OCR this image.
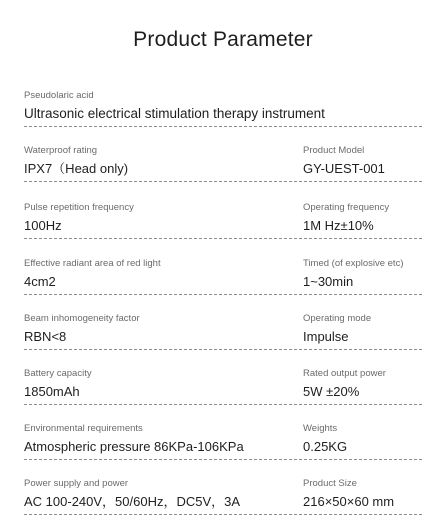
Product Parameter
Pseudolaric acid
Ultrasonic electrical stimulation therapy instrument
Waterproof rating
IPX7（Head only)
Product Model
GY-UEST-001
Pulse repetition frequency
100Hz
Operating frequency
1M Hz±10%
Effective radiant area of red light
4cm2
Timed (of explosive etc)
1~30min
Beam inhomogeneity factor
RBN<8
Operating mode
Impulse
Battery capacity
1850mAh
Rated output power
5W ±20%
Environmental requirements
Atmospheric pressure 86KPa-106KPa
Weights
0.25KG
Power supply and power
AC 100-240V，50/60Hz，DC5V，3A
Product Size
216×50×60 mm
